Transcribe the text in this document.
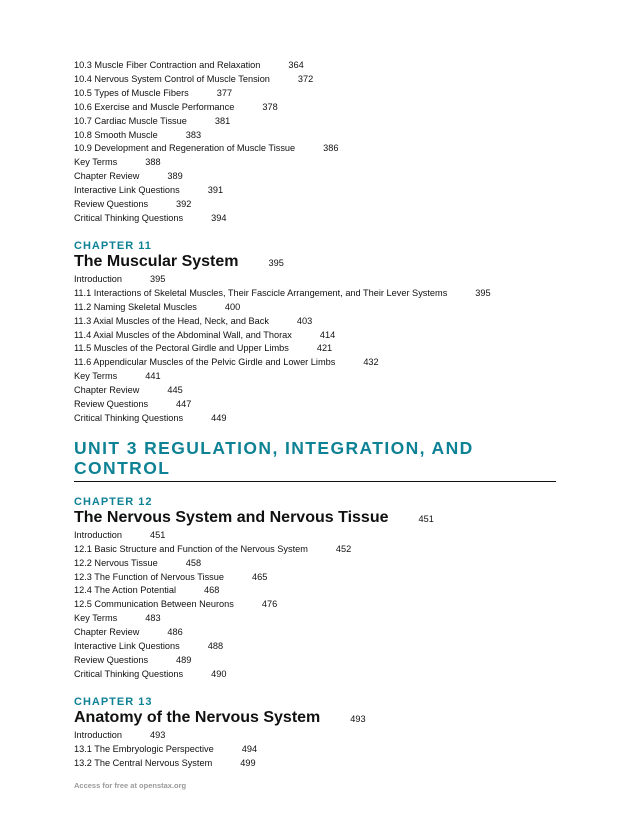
10.3 Muscle Fiber Contraction and Relaxation	364
10.4 Nervous System Control of Muscle Tension	372
10.5 Types of Muscle Fibers	377
10.6 Exercise and Muscle Performance	378
10.7 Cardiac Muscle Tissue	381
10.8 Smooth Muscle	383
10.9 Development and Regeneration of Muscle Tissue	386
Key Terms	388
Chapter Review	389
Interactive Link Questions	391
Review Questions	392
Critical Thinking Questions	394
CHAPTER 11
The Muscular System	395
Introduction	395
11.1 Interactions of Skeletal Muscles, Their Fascicle Arrangement, and Their Lever Systems	395
11.2 Naming Skeletal Muscles	400
11.3 Axial Muscles of the Head, Neck, and Back	403
11.4 Axial Muscles of the Abdominal Wall, and Thorax	414
11.5 Muscles of the Pectoral Girdle and Upper Limbs	421
11.6 Appendicular Muscles of the Pelvic Girdle and Lower Limbs	432
Key Terms	441
Chapter Review	445
Review Questions	447
Critical Thinking Questions	449
UNIT 3 REGULATION, INTEGRATION, AND CONTROL
CHAPTER 12
The Nervous System and Nervous Tissue	451
Introduction	451
12.1 Basic Structure and Function of the Nervous System	452
12.2 Nervous Tissue	458
12.3 The Function of Nervous Tissue	465
12.4 The Action Potential	468
12.5 Communication Between Neurons	476
Key Terms	483
Chapter Review	486
Interactive Link Questions	488
Review Questions	489
Critical Thinking Questions	490
CHAPTER 13
Anatomy of the Nervous System	493
Introduction	493
13.1 The Embryologic Perspective	494
13.2 The Central Nervous System	499
Access for free at openstax.org
